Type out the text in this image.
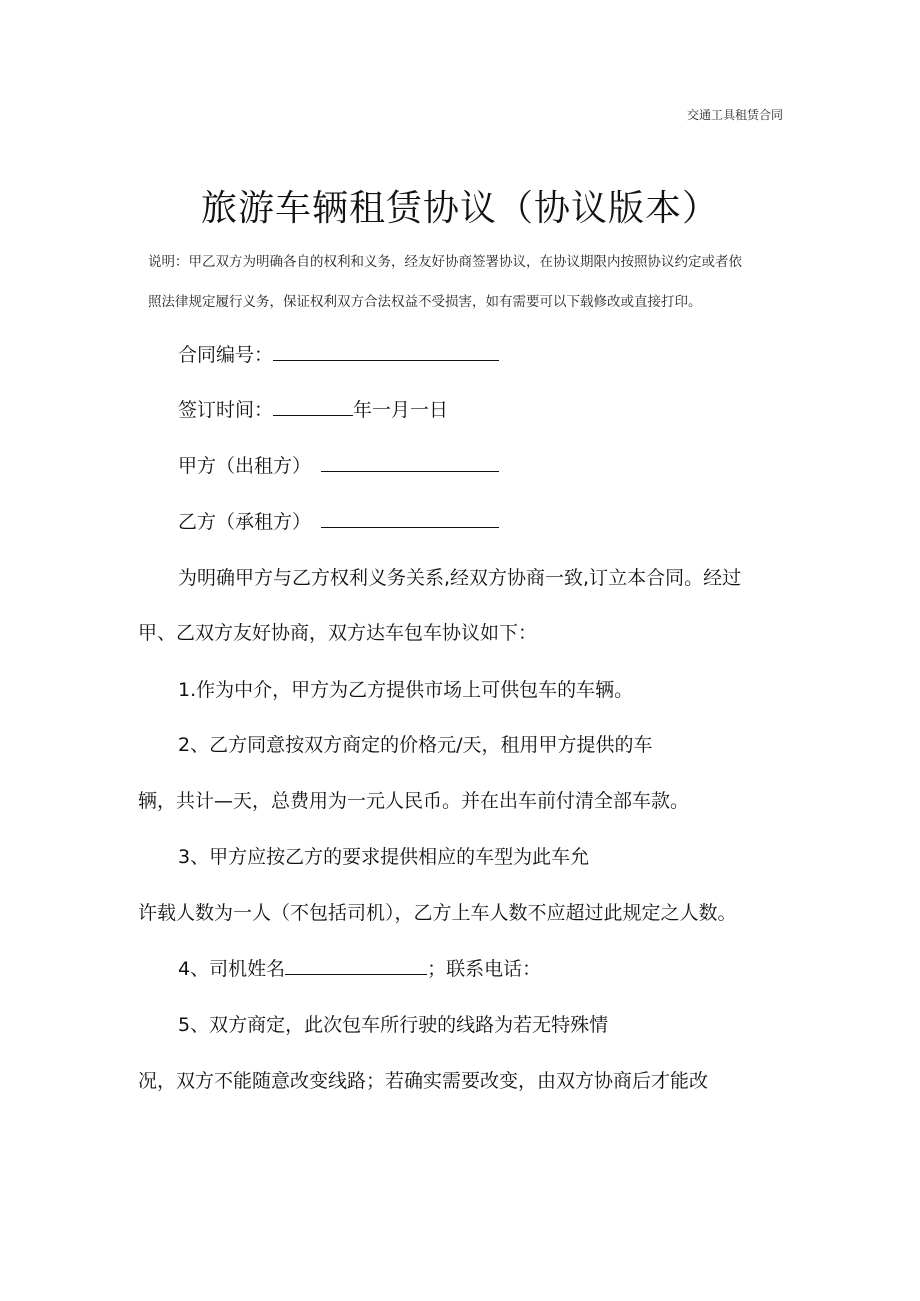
交通工具租赁合同
旅游车辆租赁协议（协议版本）
说明：甲乙双方为明确各自的权利和义务，经友好协商签署协议，在协议期限内按照协议约定或者依
照法律规定履行义务，保证权利双方合法权益不受损害，如有需要可以下载修改或直接打印。
合同编号：
签订时间：	年一月一日
甲方（出租方）
乙方（承租方）
为明确甲方与乙方权利义务关系,经双方协商一致,订立本合同。经过
甲、乙双方友好协商，双方达车包车协议如下：
1.作为中介，甲方为乙方提供市场上可供包车的车辆。
2、乙方同意按双方商定的价格元/天，租用甲方提供的车
辆，共计—天，总费用为一元人民币。并在出车前付清全部车款。
3、甲方应按乙方的要求提供相应的车型为此车允
许载人数为一人（不包括司机），乙方上车人数不应超过此规定之人数。
4、司机姓名	；联系电话：
5、双方商定，此次包车所行驶的线路为若无特殊情
况，双方不能随意改变线路；若确实需要改变，由双方协商后才能改
